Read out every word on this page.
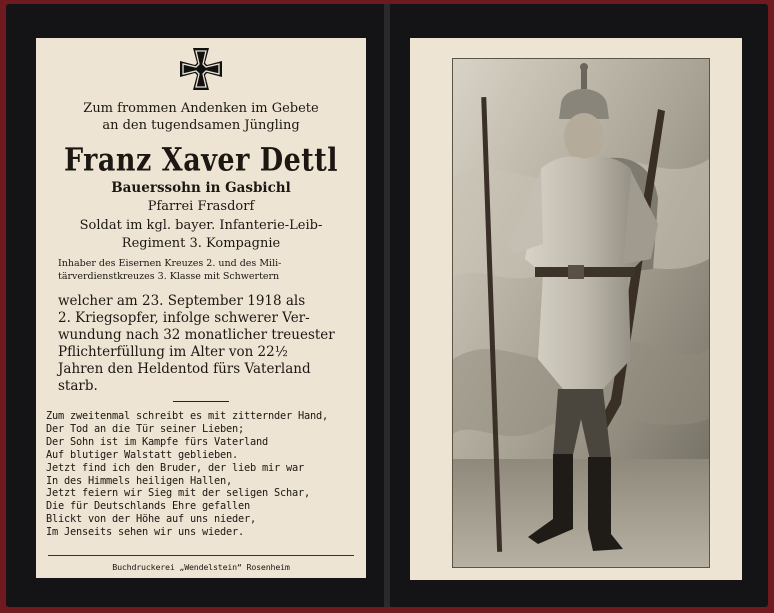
Zum frommen Andenken im Gebete

an den tugendsamen Jüngling

Franz Xaver Dettl

Bauerssohn in Gasbichl

Pfarrei Frasdorf

Soldat im kgl. bayer. Infanterie-Leib-

Regiment 3. Kompagnie

Inhaber des Eisernen Kreuzes 2. und des Mili-
tärverdienstkreuzes 3. Klasse mit Schwertern

welcher am 23. September 1918 als

2. Kriegsopfer, infolge schwerer Ver-

wundung nach 32 monatlicher treuester

Pflichterfüllung im Alter von 22½

Jahren den Heldentod fürs Vaterland

starb.

Zum zweitenmal schreibt es mit zitternder Hand,
Der Tod an die Tür seiner Lieben;
Der Sohn ist im Kampfe fürs Vaterland
Auf blutiger Walstatt geblieben.
Jetzt find ich den Bruder, der lieb mir war
In des Himmels heiligen Hallen,
Jetzt feiern wir Sieg mit der seligen Schar,
Die für Deutschlands Ehre gefallen
Blickt von der Höhe auf uns nieder,
Im Jenseits sehen wir uns wieder.
Buchdruckerei „Wendelstein“ Rosenheim
